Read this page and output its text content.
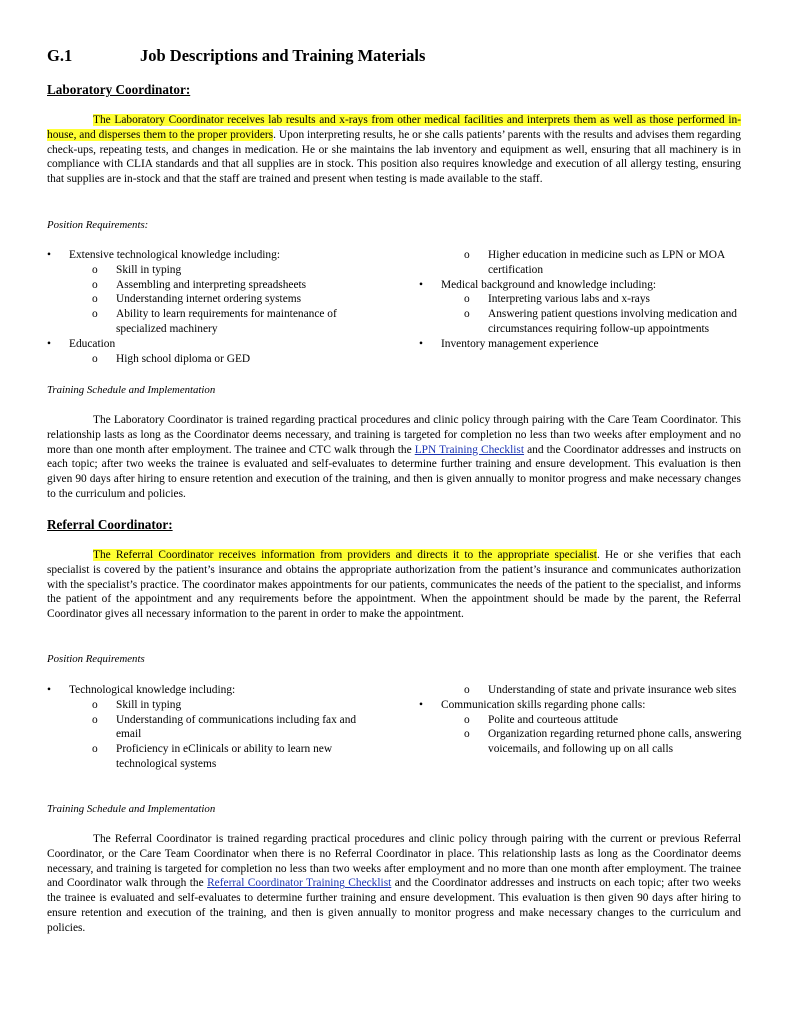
G.1	Job Descriptions and Training Materials
Laboratory Coordinator:
The Laboratory Coordinator receives lab results and x-rays from other medical facilities and interprets them as well as those performed in-house, and disperses them to the proper providers. Upon interpreting results, he or she calls patients’ parents with the results and advises them regarding check-ups, repeating tests, and changes in medication. He or she maintains the lab inventory and equipment as well, ensuring that all machinery is in compliance with CLIA standards and that all supplies are in stock. This position also requires knowledge and execution of all allergy testing, ensuring that supplies are in-stock and that the staff are trained and present when testing is made available to the staff.
Position Requirements:
• Extensive technological knowledge including:
o Skill in typing
o Assembling and interpreting spreadsheets
o Understanding internet ordering systems
o Ability to learn requirements for maintenance of specialized machinery
• Education
o High school diploma or GED
o Higher education in medicine such as LPN or MOA certification
• Medical background and knowledge including:
o Interpreting various labs and x-rays
o Answering patient questions involving medication and circumstances requiring follow-up appointments
• Inventory management experience
Training Schedule and Implementation
The Laboratory Coordinator is trained regarding practical procedures and clinic policy through pairing with the Care Team Coordinator. This relationship lasts as long as the Coordinator deems necessary, and training is targeted for completion no less than two weeks after employment and no more than one month after employment. The trainee and CTC walk through the LPN Training Checklist and the Coordinator addresses and instructs on each topic; after two weeks the trainee is evaluated and self-evaluates to determine further training and ensure development. This evaluation is then given 90 days after hiring to ensure retention and execution of the training, and then is given annually to monitor progress and make necessary changes to the curriculum and policies.
Referral Coordinator:
The Referral Coordinator receives information from providers and directs it to the appropriate specialist. He or she verifies that each specialist is covered by the patient’s insurance and obtains the appropriate authorization from the patient’s insurance and communicates authorization with the specialist’s practice. The coordinator makes appointments for our patients, communicates the needs of the patient to the specialist, and informs the patient of the appointment and any requirements before the appointment. When the appointment should be made by the parent, the Referral Coordinator gives all necessary information to the parent in order to make the appointment.
Position Requirements
• Technological knowledge including:
o Skill in typing
o Understanding of communications including fax and email
o Proficiency in eClinicals or ability to learn new technological systems
o Understanding of state and private insurance web sites
• Communication skills regarding phone calls:
o Polite and courteous attitude
o Organization regarding returned phone calls, answering voicemails, and following up on all calls
Training Schedule and Implementation
The Referral Coordinator is trained regarding practical procedures and clinic policy through pairing with the current or previous Referral Coordinator, or the Care Team Coordinator when there is no Referral Coordinator in place. This relationship lasts as long as the Coordinator deems necessary, and training is targeted for completion no less than two weeks after employment and no more than one month after employment. The trainee and Coordinator walk through the Referral Coordinator Training Checklist and the Coordinator addresses and instructs on each topic; after two weeks the trainee is evaluated and self-evaluates to determine further training and ensure development. This evaluation is then given 90 days after hiring to ensure retention and execution of the training, and then is given annually to monitor progress and make necessary changes to the curriculum and policies.
